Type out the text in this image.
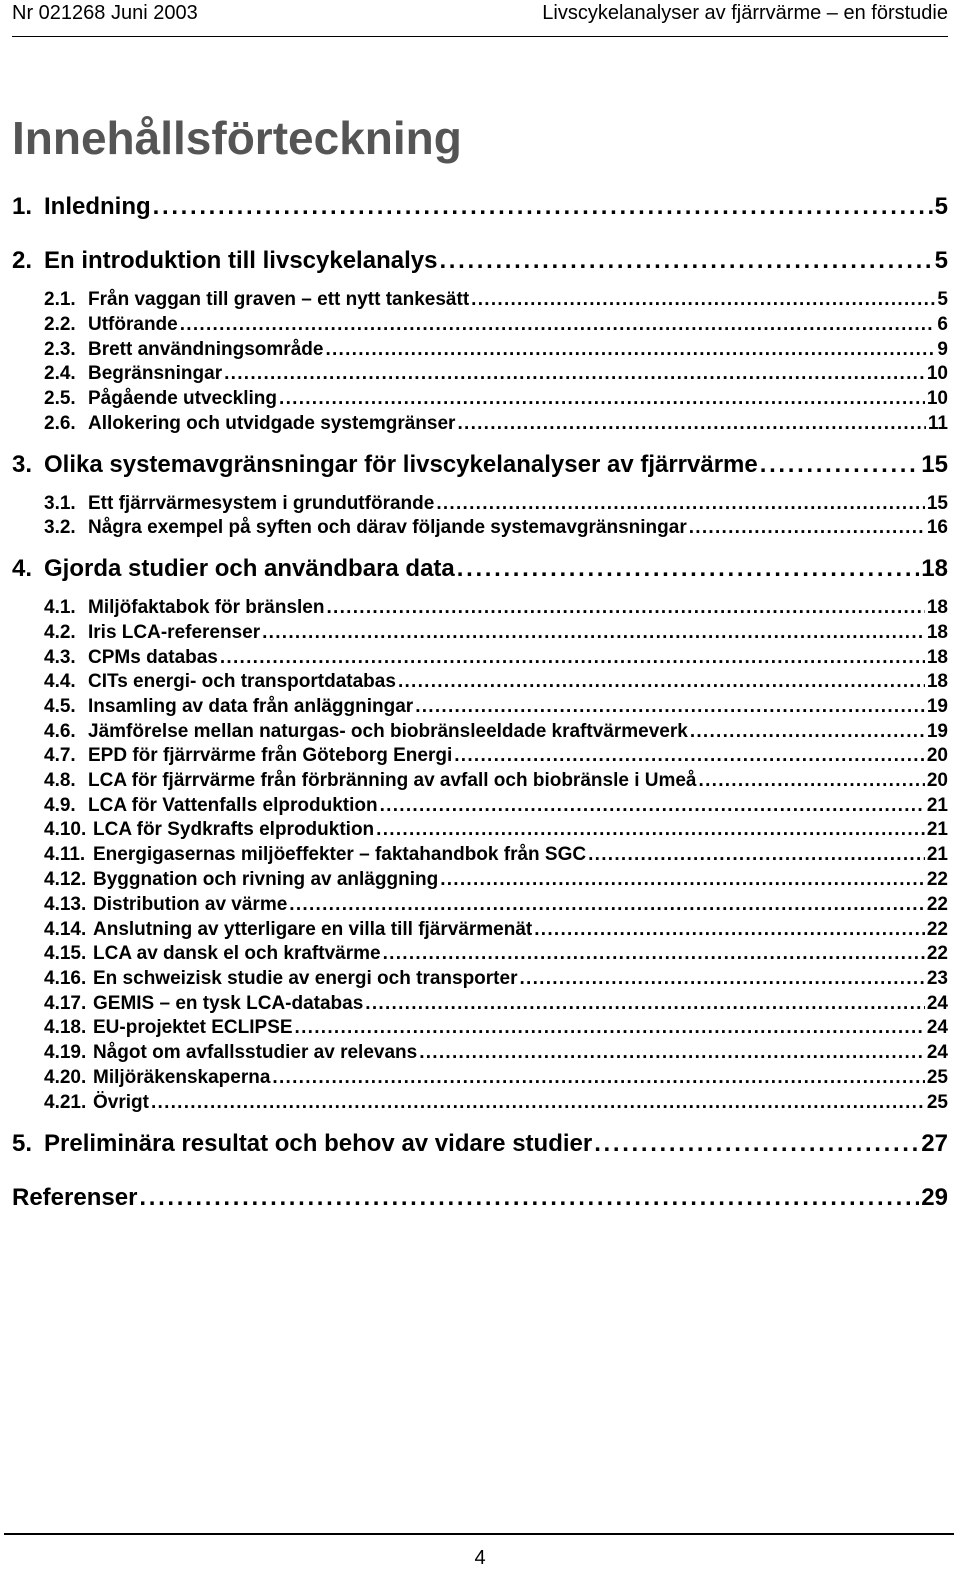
Nr 021268 Juni 2003	Livscykelanalyser av fjärrvärme – en förstudie
Innehållsförteckning
1. Inledning . . .	5
2. En introduktion till livscykelanalys . . .	5
2.1. Från vaggan till graven – ett nytt tankesätt . . .	5
2.2. Utförande . . .	6
2.3. Brett användningsområde . . .	9
2.4. Begränsningar . . .	10
2.5. Pågående utveckling . . .	10
2.6. Allokering och utvidgade systemgränser . . .	11
3. Olika systemavgränsningar för livscykelanalyser av fjärrvärme . . .	15
3.1. Ett fjärrvärmesystem i grundutförande . . .	15
3.2. Några exempel på syften och därav följande systemavgränsningar . . .	16
4. Gjorda studier och användbara data . . .	18
4.1. Miljöfaktabok för bränslen . . .	18
4.2. Iris LCA-referenser . . .	18
4.3. CPMs databas . . .	18
4.4. CITs energi- och transportdatabas . . .	18
4.5. Insamling av data från anläggningar . . .	19
4.6. Jämförelse mellan naturgas- och biobränsleeldade kraftvärmeverk . . .	19
4.7. EPD för fjärrvärme från Göteborg Energi . . .	20
4.8. LCA för fjärrvärme från förbränning av avfall och biobränsle i Umeå . . .	20
4.9. LCA för Vattenfalls elproduktion . . .	21
4.10. LCA för Sydkrafts elproduktion . . .	21
4.11. Energigasernas miljöeffekter – faktahandbok från SGC . . .	21
4.12. Byggnation och rivning av anläggning . . .	22
4.13. Distribution av värme . . .	22
4.14. Anslutning av ytterligare en villa till fjärvärmenät . . .	22
4.15. LCA av dansk el och kraftvärme . . .	22
4.16. En schweizisk studie av energi och transporter . . .	23
4.17. GEMIS – en tysk LCA-databas . . .	24
4.18. EU-projektet ECLIPSE . . .	24
4.19. Något om avfallsstudier av relevans . . .	24
4.20. Miljöräkenskaperna . . .	25
4.21. Övrigt . . .	25
5. Preliminära resultat och behov av vidare studier . . .	27
Referenser . . .	29
4
